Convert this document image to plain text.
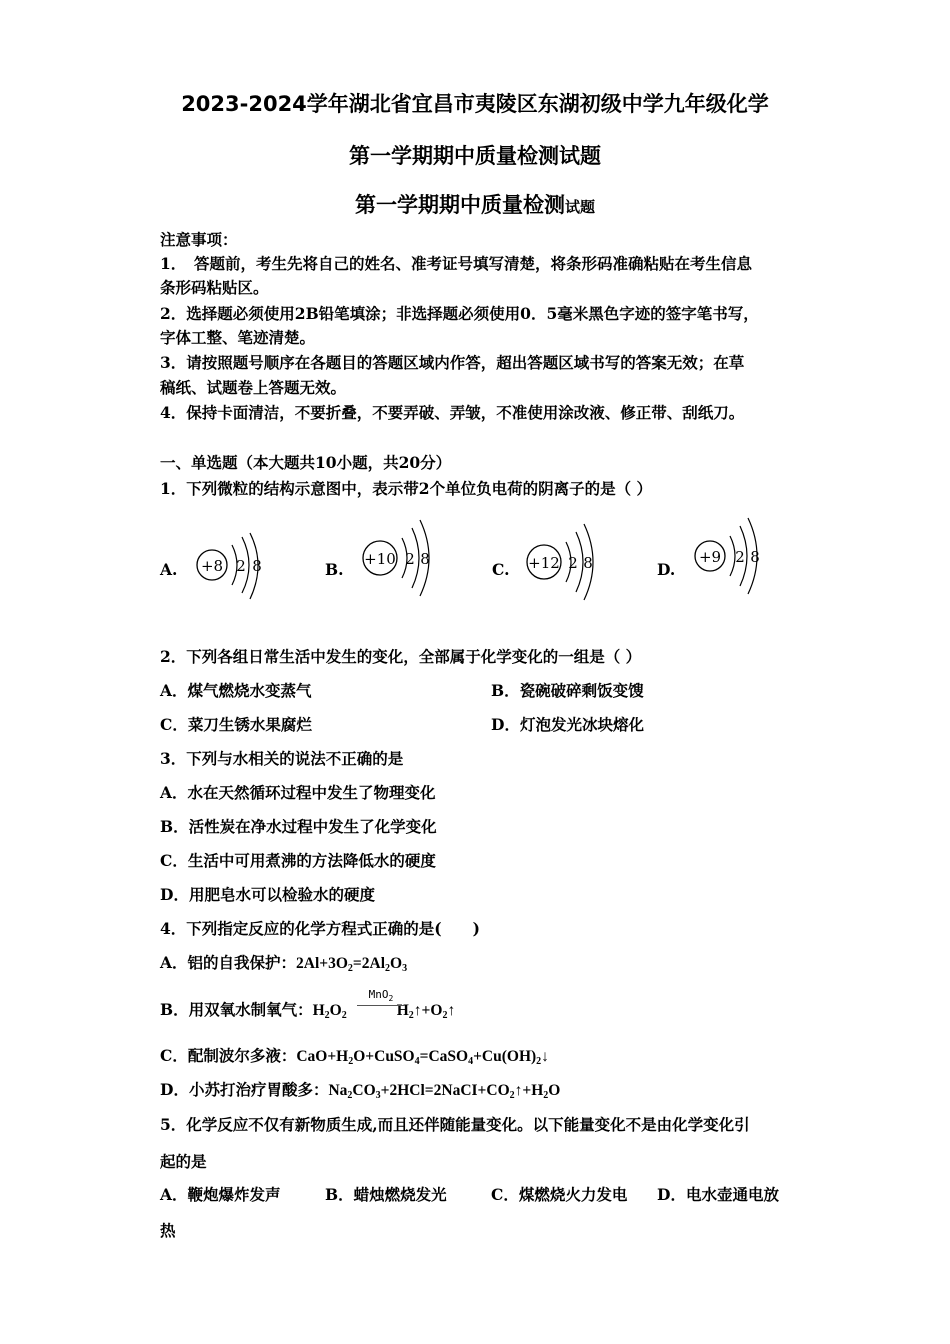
2023-2024学年湖北省宜昌市夷陵区东湖初级中学九年级化学
第一学期期中质量检测试题
第一学期期中质量检测试题
注意事项：
1．　答题前，考生先将自己的姓名、准考证号填写清楚，将条形码准确粘贴在考生信息
条形码粘贴区。
2．选择题必须使用2B铅笔填涂；非选择题必须使用0．5毫米黑色字迹的签字笔书写，
字体工整、笔迹清楚。
3．请按照题号顺序在各题目的答题区域内作答，超出答题区域书写的答案无效；在草
稿纸、试题卷上答题无效。
4．保持卡面清洁，不要折叠，不要弄破、弄皱，不准使用涂改液、修正带、刮纸刀。
一、单选题（本大题共10小题，共20分）
1．下列微粒的结构示意图中，表示带2个单位负电荷的阴离子的是（ ）
A. +8 2 8	B.
+10 2 8
C. +12 2 8	D.
+9 2 8
2．下列各组日常生活中发生的变化，全部属于化学变化的一组是（ ）
A．煤气燃烧水变蒸气	B．瓷碗破碎剩饭变馊
C．菜刀生锈水果腐烂	D．灯泡发光冰块熔化
3．下列与水相关的说法不正确的是
A．水在天然循环过程中发生了物理变化
B．活性炭在净水过程中发生了化学变化
C．生活中可用煮沸的方法降低水的硬度
D．用肥皂水可以检验水的硬度
4．下列指定反应的化学方程式正确的是(　　)
A．铝的自我保护：$2Al+3O_2=2Al_2O_3$
B．用双氧水制氧气：$H_2O_2$	$H_2↑+O_2↑$
MnO$_2$
C．配制波尔多液：$CaO+H_2O+CuSO_4=CaSO_4+Cu(OH)_2↓$
D．小苏打治疗胃酸多：$Na_2CO_3+2HCl=2NaCI+CO_2↑+H_2O$
5．化学反应不仅有新物质生成,而且还伴随能量变化。以下能量变化不是由化学变化引
起的是
A．鞭炮爆炸发声	B．蜡烛燃烧发光	C．煤燃烧火力发电 D．电水壶通电放
热
